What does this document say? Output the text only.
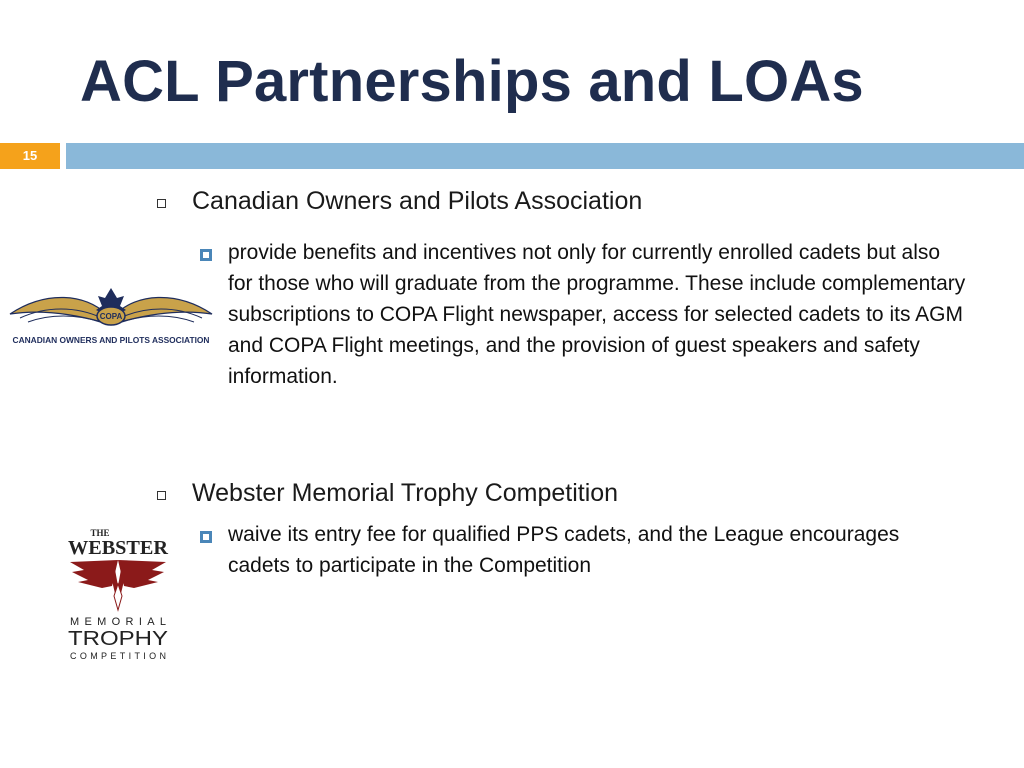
ACL Partnerships and LOAs
15
Canadian Owners and Pilots Association
provide benefits and incentives not only for currently enrolled cadets but also for those who will graduate from the programme. These include complementary subscriptions to COPA Flight newspaper, access for selected cadets to its AGM and COPA Flight meetings, and the provision of guest speakers and safety information.
COPA
CANADIAN OWNERS AND PILOTS ASSOCIATION
Webster Memorial Trophy Competition
waive its entry fee for qualified PPS cadets, and the League encourages cadets to participate in the Competition
THE
WEBSTER
MEMORIAL
TROPHY
COMPETITION
